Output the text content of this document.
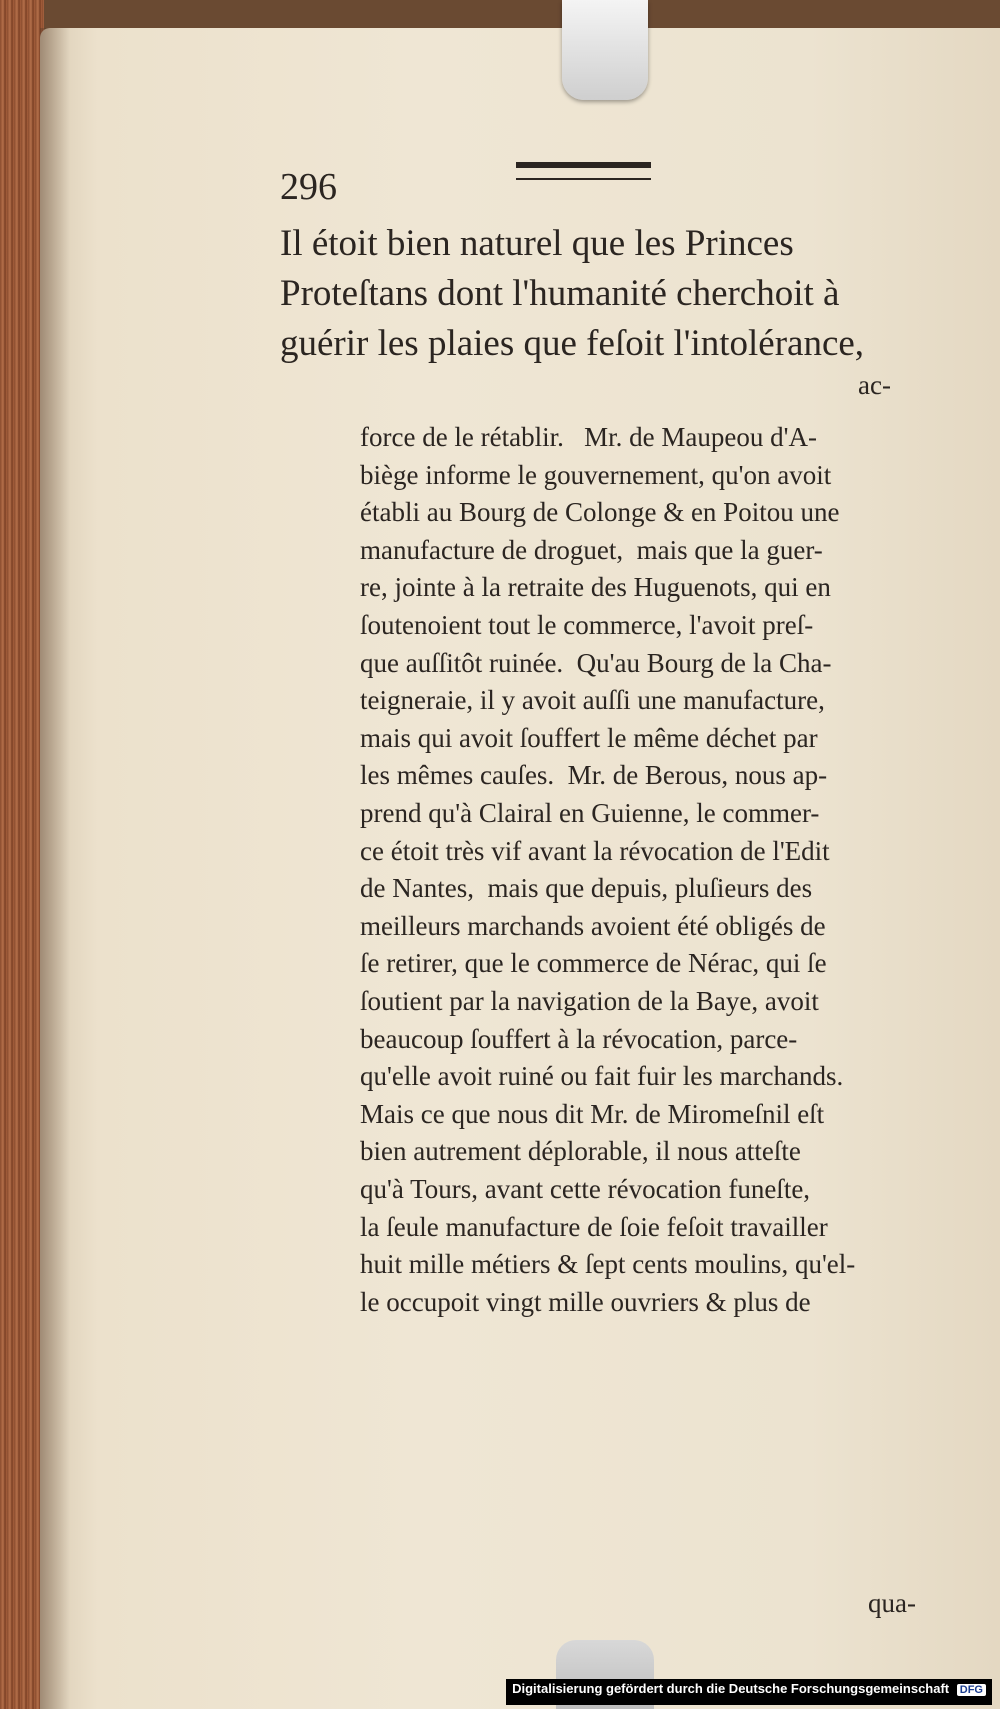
296
Il étoit bien naturel que les Princes
Proteſtans dont l'humanité cherchoit à
guérir les plaies que feſoit l'intolérance,
ac-
force de le rétablir.   Mr. de Maupeou d'A-
biège informe le gouvernement, qu'on avoit
établi au Bourg de Colonge & en Poitou une
manufacture de droguet,  mais que la guer-
re, jointe à la retraite des Huguenots, qui en
ſoutenoient tout le commerce, l'avoit preſ-
que auſſitôt ruinée.  Qu'au Bourg de la Cha-
teigneraie, il y avoit auſſi une manufacture,
mais qui avoit ſouffert le même déchet par
les mêmes cauſes.  Mr. de Berous, nous ap-
prend qu'à Clairal en Guienne, le commer-
ce étoit très vif avant la révocation de l'Edit
de Nantes,  mais que depuis, pluſieurs des
meilleurs marchands avoient été obligés de
ſe retirer, que le commerce de Nérac, qui ſe
ſoutient par la navigation de la Baye, avoit
beaucoup ſouffert à la révocation, parce-
qu'elle avoit ruiné ou fait fuir les marchands.
Mais ce que nous dit Mr. de Miromeſnil eſt
bien autrement déplorable, il nous atteſte
qu'à Tours, avant cette révocation funeſte,
la ſeule manufacture de ſoie feſoit travailler
huit mille métiers & ſept cents moulins, qu'el-
le occupoit vingt mille ouvriers & plus de
qua-
Digitalisierung gefördert durch die Deutsche Forschungsgemeinschaft DFG
